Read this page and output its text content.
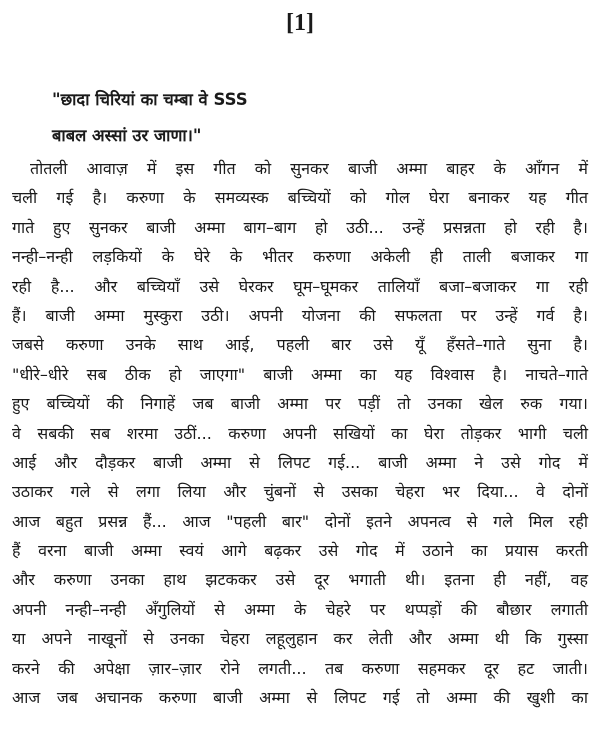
[1]
"छादा चिरियां का चम्बा वे SSS
बाबल अस्सां उर जाणा।"
तोतली आवाज़ में इस गीत को सुनकर बाजी अम्मा बाहर के आँगन में
चली गई है। करुणा के समव्यस्क बच्चियों को गोल घेरा बनाकर यह गीत
गाते हुए सुनकर बाजी अम्मा बाग–बाग हो उठी... उन्हें प्रसन्नता हो रही है।
नन्ही–नन्ही लड़कियों के घेरे के भीतर करुणा अकेली ही ताली बजाकर गा
रही है... और बच्चियाँ उसे घेरकर घूम–घूमकर तालियाँ बजा–बजाकर गा रही
हैं। बाजी अम्मा मुस्कुरा उठी। अपनी योजना की सफलता पर उन्हें गर्व है।
जबसे करुणा उनके साथ आई, पहली बार उसे यूँ हँसते–गाते सुना है।
"धीरे–धीरे सब ठीक हो जाएगा" बाजी अम्मा का यह विश्वास है। नाचते–गाते
हुए बच्चियों की निगाहें जब बाजी अम्मा पर पड़ीं तो उनका खेल रुक गया।
वे सबकी सब शरमा उठीं... करुणा अपनी सखियों का घेरा तोड़कर भागी चली
आई और दौड़कर बाजी अम्मा से लिपट गई... बाजी अम्मा ने उसे गोद में
उठाकर गले से लगा लिया और चुंबनों से उसका चेहरा भर दिया... वे दोनों
आज बहुत प्रसन्न हैं... आज "पहली बार" दोनों इतने अपनत्व से गले मिल रही
हैं वरना बाजी अम्मा स्वयं आगे बढ़कर उसे गोद में उठाने का प्रयास करती
और करुणा उनका हाथ झटककर उसे दूर भगाती थी। इतना ही नहीं, वह
अपनी नन्ही–नन्ही अँगुलियों से अम्मा के चेहरे पर थप्पड़ों की बौछार लगाती
या अपने नाखूनों से उनका चेहरा लहूलुहान कर लेती और अम्मा थी कि गुस्सा
करने की अपेक्षा ज़ार–ज़ार रोने लगती... तब करुणा सहमकर दूर हट जाती।
आज जब अचानक करुणा बाजी अम्मा से लिपट गई तो अम्मा की खुशी का
